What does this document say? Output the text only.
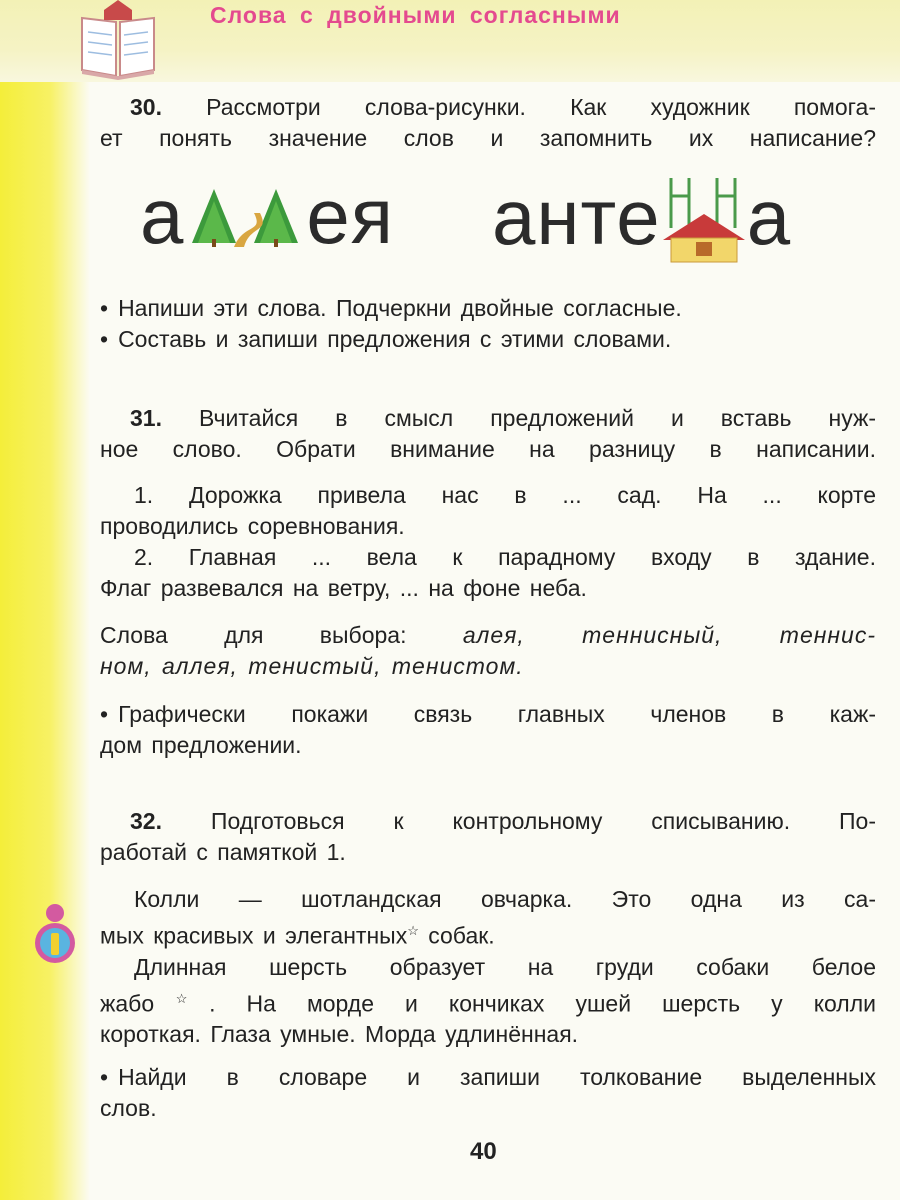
Слова с двойными согласными
30. Рассмотри слова-рисунки. Как художник помога-
ет понять значение слов и запомнить их написание?
а ея анте а
• Напиши эти слова. Подчеркни двойные согласные.
• Составь и запиши предложения с этими словами.
31. Вчитайся в смысл предложений и вставь нуж-
ное слово. Обрати внимание на разницу в написании.
1. Дорожка привела нас в ... сад. На ... корте
проводились соревнования.
2. Главная ... вела к парадному входу в здание.
Флаг развевался на ветру, ... на фоне неба.
Слова для выбора: алея, теннисный, теннис-
ном, аллея, тенистый, тенистом.
• Графически покажи связь главных членов в каж-
дом предложении.
32. Подготовься к контрольному списыванию. По-
работай с памяткой 1.
Колли — шотландская овчарка. Это одна из са-
мых красивых и элегантных☆ собак.
Длинная шерсть образует на груди собаки белое
жабо☆. На морде и кончиках ушей шерсть у колли
короткая. Глаза умные. Морда удлинённая.
• Найди в словаре и запиши толкование выделенных
слов.
40
